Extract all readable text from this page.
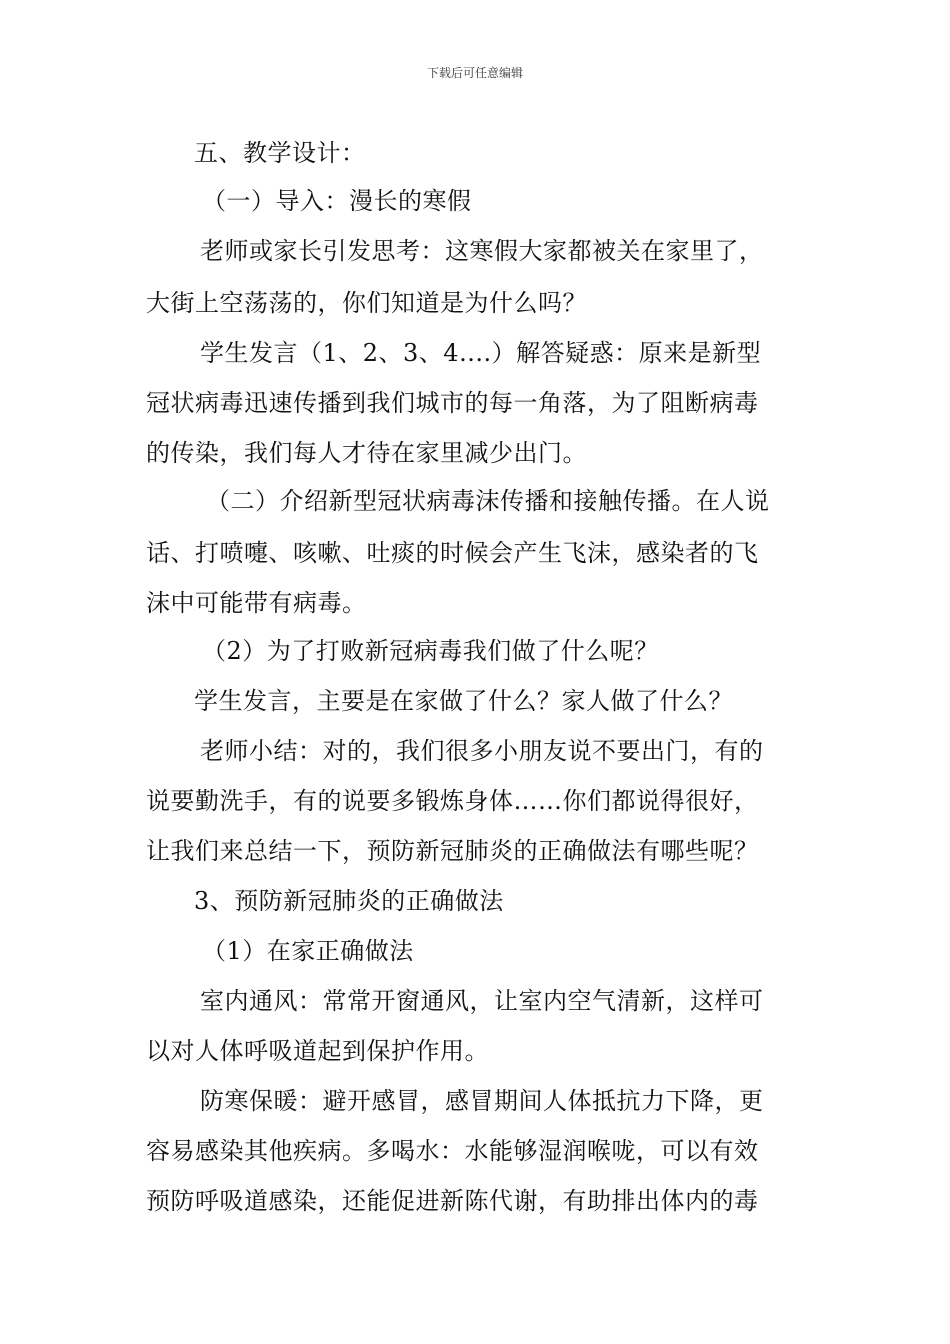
下载后可任意编辑
五、教学设计：
（一）导入：漫长的寒假
老师或家长引发思考：这寒假大家都被关在家里了，
大街上空荡荡的，你们知道是为什么吗？
学生发言（1、2、3、4....）解答疑惑：原来是新型
冠状病毒迅速传播到我们城市的每一角落，为了阻断病毒
的传染，我们每人才待在家里减少出门。
（二）介绍新型冠状病毒沫传播和接触传播。在人说
话、打喷嚏、咳嗽、吐痰的时候会产生飞沫，感染者的飞
沫中可能带有病毒。
（2）为了打败新冠病毒我们做了什么呢？
学生发言，主要是在家做了什么？家人做了什么？
老师小结：对的，我们很多小朋友说不要出门，有的
说要勤洗手，有的说要多锻炼身体……你们都说得很好，
让我们来总结一下，预防新冠肺炎的正确做法有哪些呢？
3、预防新冠肺炎的正确做法
（1）在家正确做法
室内通风：常常开窗通风，让室内空气清新，这样可
以对人体呼吸道起到保护作用。
防寒保暖：避开感冒，感冒期间人体抵抗力下降，更
容易感染其他疾病。多喝水：水能够湿润喉咙，可以有效
预防呼吸道感染，还能促进新陈代谢，有助排出体内的毒
